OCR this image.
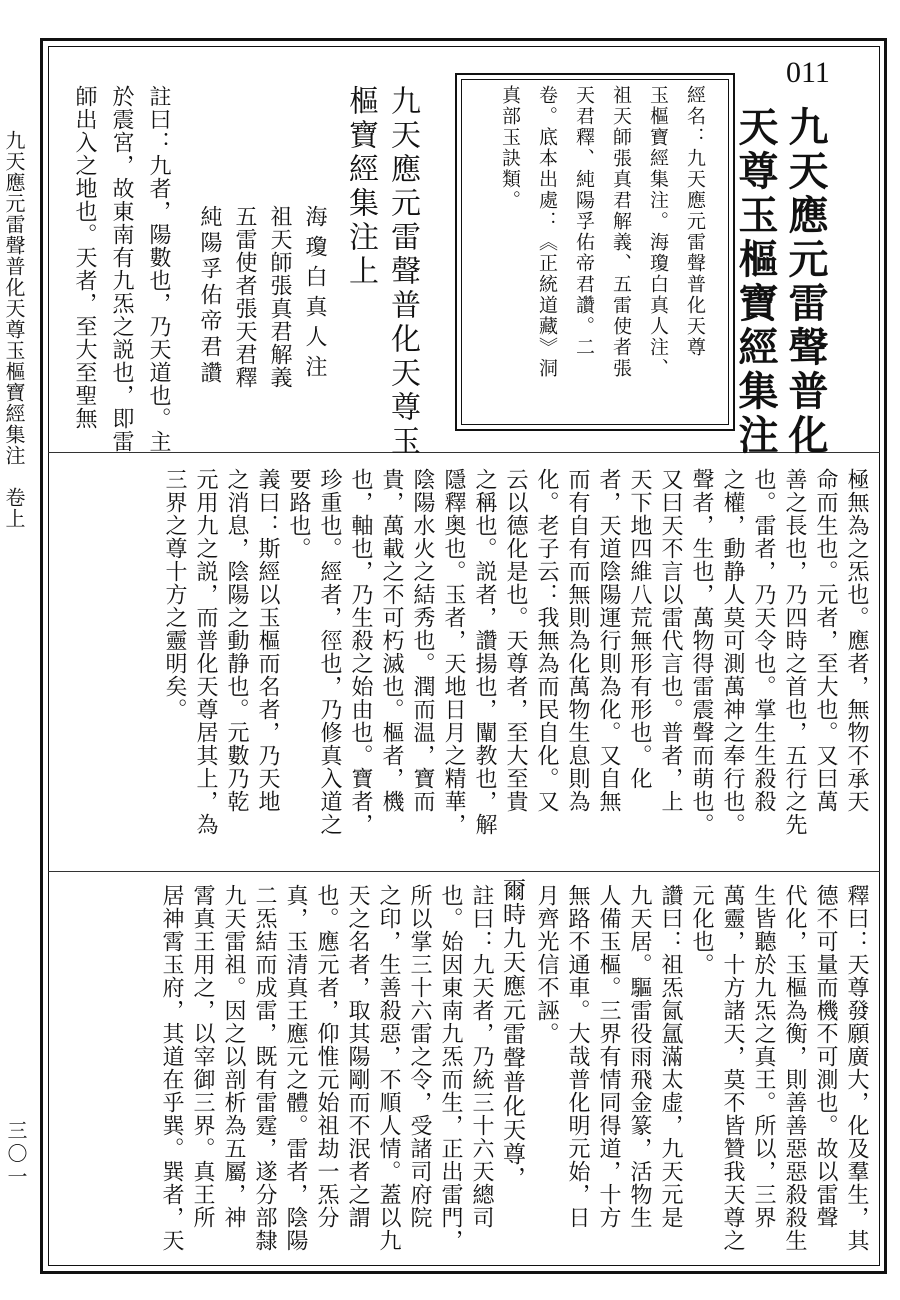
九天應元雷聲普化天尊玉樞寶經集注　卷上
三〇一
011
九天應元雷聲普化
天尊玉樞寶經集注
經名：九天應元雷聲普化天尊
玉樞寶經集注。海瓊白真人注、
祖天師張真君解義、五雷使者張
天君釋、純陽孚佑帝君讚。二
卷。底本出處：《正統道藏》洞
真部玉訣類。
九天應元雷聲普化天尊玉
樞寶經集注上
海瓊白真人注
祖天師張真君解義
五雷使者張天君釋
純陽孚佑帝君讚
註曰：九者，陽數也，乃天道也。主
於震宮，故東南有九炁之説也，即雷
師出入之地也。天者，至大至聖無
極無為之炁也。應者，無物不承天
命而生也。元者，至大也。又曰萬
善之長也，乃四時之首也，五行之先
也。雷者，乃天令也。掌生生殺殺
之權，動静人莫可測萬神之奉行也。
聲者，生也，萬物得雷震聲而萌也。
又曰天不言以雷代言也。普者，上
天下地四維八荒無形有形也。化
者，天道陰陽運行則為化。又自無
而有自有而無則為化萬物生息則為
化。老子云：我無為而民自化。又
云以德化是也。天尊者，至大至貴
之稱也。説者，讚揚也，闡教也，解
隱釋奥也。玉者，天地日月之精華，
陰陽水火之結秀也。潤而温，寶而
貴，萬載之不可朽滅也。樞者，機
也，軸也，乃生殺之始由也。寶者，
珍重也。經者，徑也，乃修真入道之
要路也。
義曰：斯經以玉樞而名者，乃天地
之消息，陰陽之動静也。元數乃乾
元用九之説，而普化天尊居其上，為
三界之尊十方之靈明矣。
釋曰：天尊發願廣大，化及羣生，其
德不可量而機不可測也。故以雷聲
代化，玉樞為衡，則善善惡惡殺殺生
生皆聽於九炁之真王。所以，三界
萬靈，十方諸天，莫不皆贊我天尊之
元化也。
讚曰：祖炁氤氲滿太虚，九天元是
九天居。驅雷役雨飛金篆，活物生
人備玉樞。三界有情同得道，十方
無路不通車。大哉普化明元始，日
月齊光信不誣。
爾時九天應元雷聲普化天尊，
註曰：九天者，乃統三十六天總司
也。始因東南九炁而生，正出雷門，
所以掌三十六雷之令，受諸司府院
之印，生善殺惡，不順人情。蓋以九
天之名者，取其陽剛而不泯者之謂
也。應元者，仰惟元始祖劫一炁分
真，玉清真王應元之體。雷者，陰陽
二炁結而成雷，既有雷霆，遂分部隸
九天雷祖。因之以剖析為五屬，神
霄真王用之，以宰御三界。真王所
居神霄玉府，其道在乎巽。巽者，天
